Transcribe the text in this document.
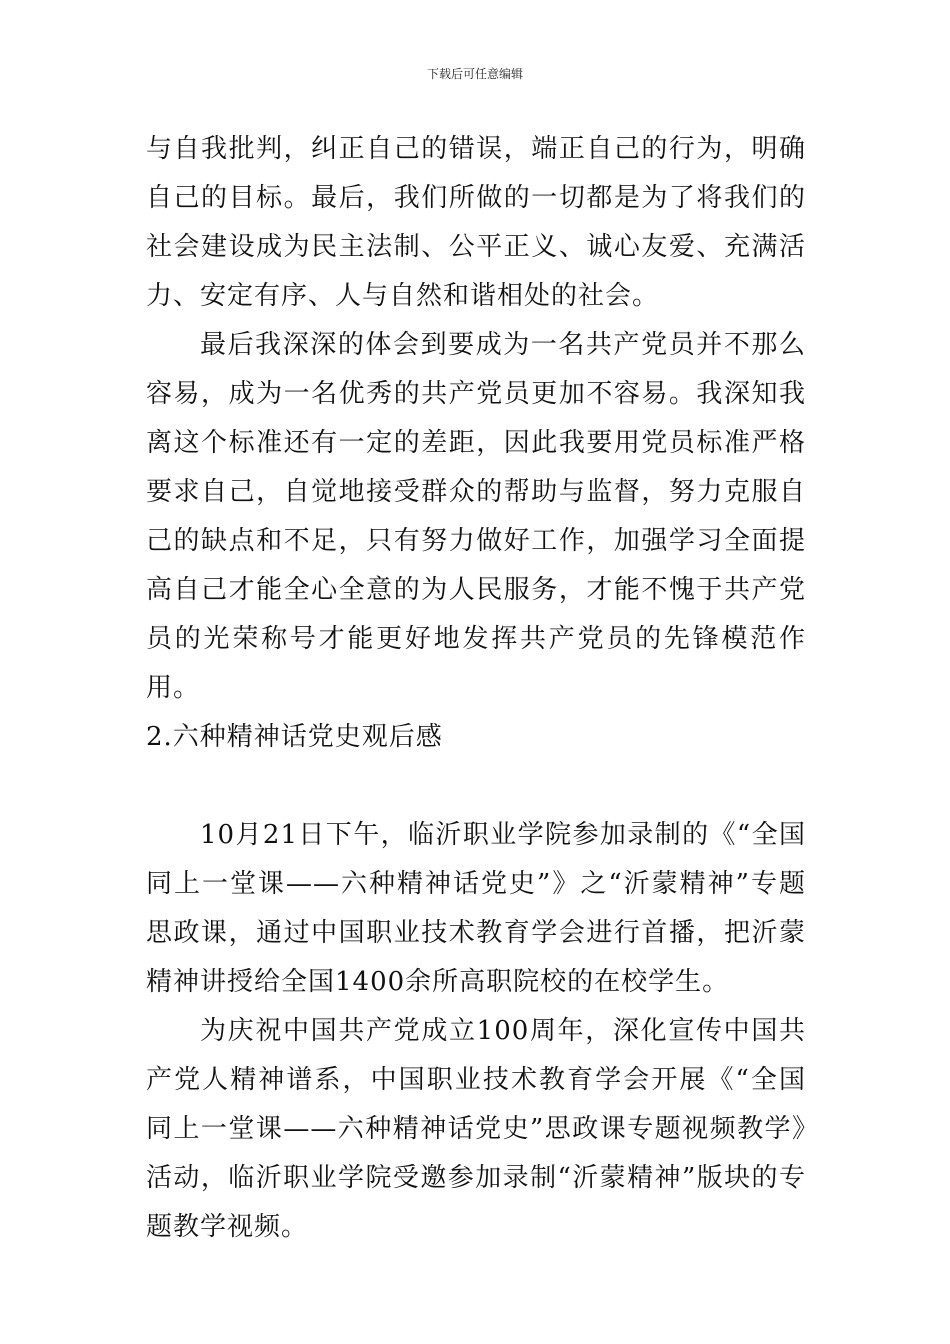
下载后可任意编辑

与自我批判，纠正自己的错误，端正自己的行为，明确自己的目标。最后，我们所做的一切都是为了将我们的社会建设成为民主法制、公平正义、诚心友爱、充满活力、安定有序、人与自然和谐相处的社会。

最后我深深的体会到要成为一名共产党员并不那么容易，成为一名优秀的共产党员更加不容易。我深知我离这个标准还有一定的差距，因此我要用党员标准严格要求自己，自觉地接受群众的帮助与监督，努力克服自己的缺点和不足，只有努力做好工作，加强学习全面提高自己才能全心全意的为人民服务，才能不愧于共产党员的光荣称号才能更好地发挥共产党员的先锋模范作用。

2.六种精神话党史观后感

10月21日下午，临沂职业学院参加录制的《“全国同上一堂课——六种精神话党史”》之“沂蒙精神”专题思政课，通过中国职业技术教育学会进行首播，把沂蒙精神讲授给全国1400余所高职院校的在校学生。

为庆祝中国共产党成立100周年，深化宣传中国共产党人精神谱系，中国职业技术教育学会开展《“全国同上一堂课——六种精神话党史”思政课专题视频教学》活动，临沂职业学院受邀参加录制“沂蒙精神”版块的专题教学视频。
